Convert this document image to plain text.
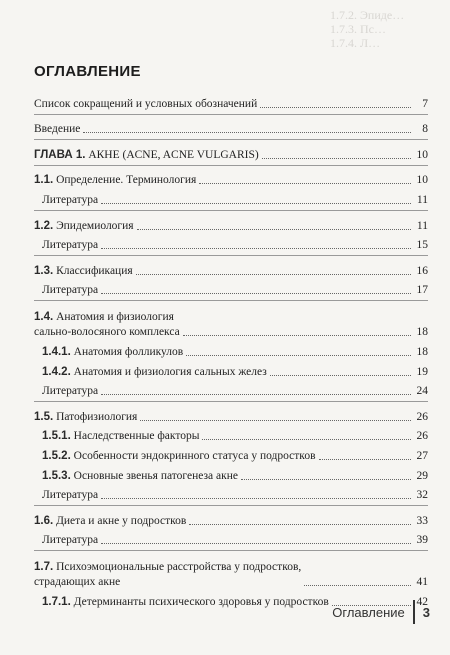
1.7.2. Эпиде…
1.7.3. Пс…
1.7.4. Л…
ОГЛАВЛЕНИЕ
Список сокращений и условных обозначений	7
Введение	8
ГЛАВА 1. АКНЕ (ACNE, ACNE VULGARIS)	10
1.1. Определение. Терминология	10
Литература	11
1.2. Эпидемиология	11
Литература	15
1.3. Классификация	16
Литература	17
1.4. Анатомия и физиология
сально-волосяного комплекса	18
1.4.1. Анатомия фолликулов	18
1.4.2. Анатомия и физиология сальных желез	19
Литература	24
1.5. Патофизиология	26
1.5.1. Наследственные факторы	26
1.5.2. Особенности эндокринного статуса у подростков	27
1.5.3. Основные звенья патогенеза акне	29
Литература	32
1.6. Диета и акне у подростков	33
Литература	39
1.7. Психоэмоциональные расстройства у подростков,
страдающих акне	41
1.7.1. Детерминанты психического здоровья у подростков	42
Оглавление 3
